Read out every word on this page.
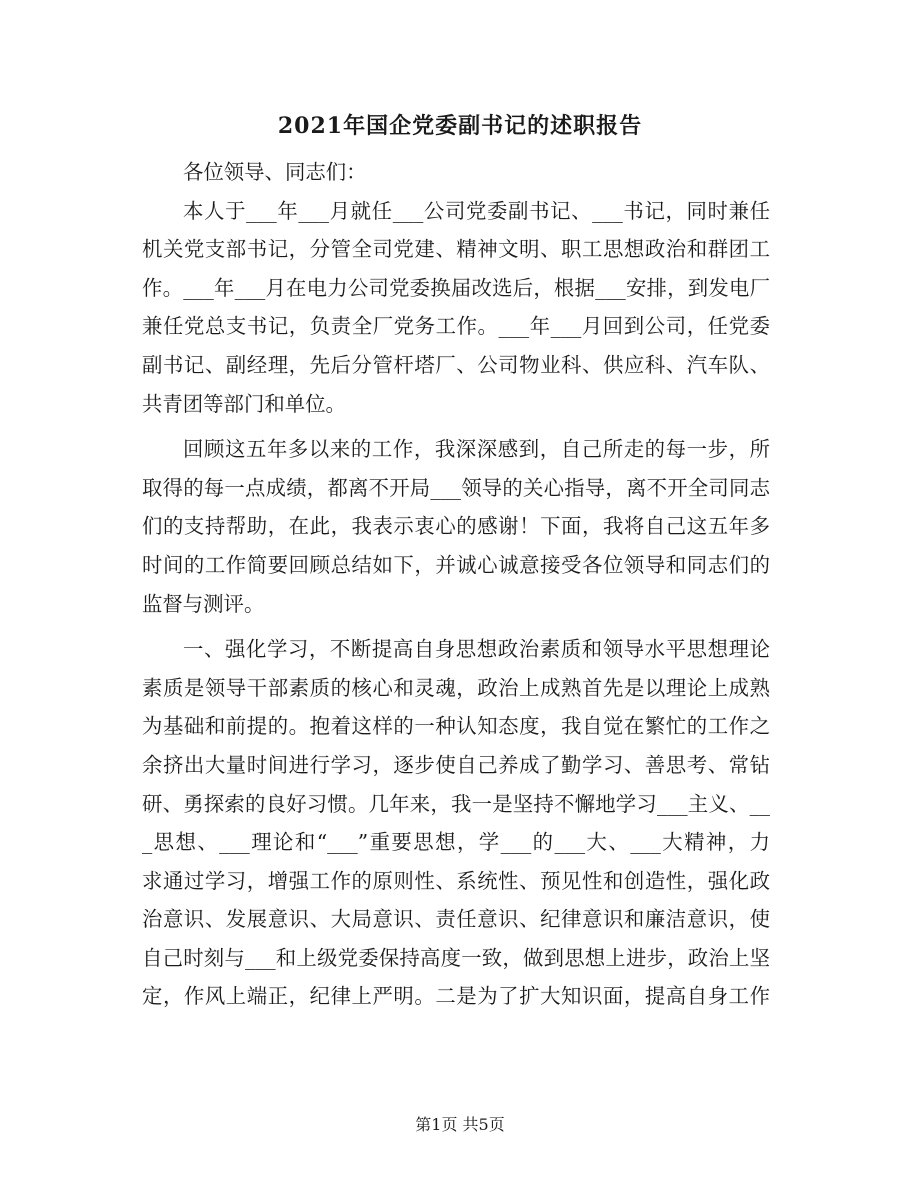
2021年国企党委副书记的述职报告
各位领导、同志们：
本人于___年___月就任___公司党委副书记、___书记，同时兼任
机关党支部书记，分管全司党建、精神文明、职工思想政治和群团工
作。___年___月在电力公司党委换届改选后，根据___安排，到发电厂
兼任党总支书记，负责全厂党务工作。___年___月回到公司，任党委
副书记、副经理，先后分管杆塔厂、公司物业科、供应科、汽车队、
共青团等部门和单位。
回顾这五年多以来的工作，我深深感到，自己所走的每一步，所
取得的每一点成绩，都离不开局___领导的关心指导，离不开全司同志
们的支持帮助，在此，我表示衷心的感谢！下面，我将自己这五年多
时间的工作简要回顾总结如下，并诚心诚意接受各位领导和同志们的
监督与测评。
一、强化学习，不断提高自身思想政治素质和领导水平思想理论
素质是领导干部素质的核心和灵魂，政治上成熟首先是以理论上成熟
为基础和前提的。抱着这样的一种认知态度，我自觉在繁忙的工作之
余挤出大量时间进行学习，逐步使自己养成了勤学习、善思考、常钻
研、勇探索的良好习惯。几年来，我一是坚持不懈地学习___主义、__
_思想、___理论和“___”重要思想，学___的___大、___大精神，力
求通过学习，增强工作的原则性、系统性、预见性和创造性，强化政
治意识、发展意识、大局意识、责任意识、纪律意识和廉洁意识，使
自己时刻与___和上级党委保持高度一致，做到思想上进步，政治上坚
定，作风上端正，纪律上严明。二是为了扩大知识面，提高自身工作
第1页 共5页
